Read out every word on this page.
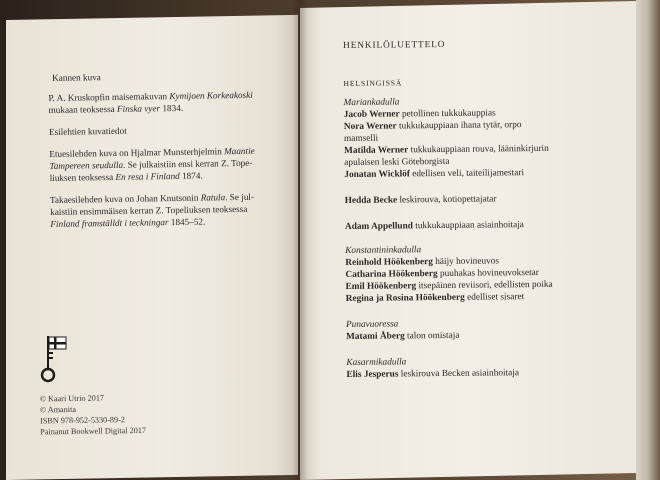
Kannen kuva
P. A. Kruskopfin maisemakuvan Kymijoen Korkeakoski
mukaan teoksessa Finska vyer 1834.
Esilehtien kuvatiedot
Etuesilehden kuva on Hjalmar Munsterhjelmin Maantie
Tampereen seudulla. Se julkaistiin ensi kerran Z. Tope-
liuksen teoksessa En resa i Finland 1874.
Takaesilehden kuva on Johan Knutsonin Ratula. Se jul-
kaistiin ensimmäisen kerran Z. Topeliuksen teoksessa
Finland framställdt i teckningar 1845–52.
© Kaari Utrio 2017
© Amanita
ISBN 978-952-5330-89-2
Painanut Bookwell Digital 2017
HENKILÖLUETTELO
HELSINGISSÄ
Mariankadulla
Jacob Werner petollinen tukkukauppias
Nora Werner tukkukauppiaan ihana tytär, orpo
mamselli
Matilda Werner tukkukauppiaan rouva, lääninkirjurin
apulaisen leski Göteborgista
Jonatan Wicklöf edellisen veli, taiteilijamestari
Hedda Becke leskirouva, kotiopettajatar
Adam Appellund tukkukauppiaan asiainhoitaja
Konstantininkadulla
Reinhold Höökenberg häijy hovineuvos
Catharina Höökenberg puuhakas hovineuvoksetar
Emil Höökenberg itsepäinen reviisori, edellisten poika
Regina ja Rosina Höökenberg edelliset sisaret
Punavuoressa
Matami Åberg talon omistaja
Kasarmikadulla
Elis Jesperus leskirouva Becken asiainhoitaja
